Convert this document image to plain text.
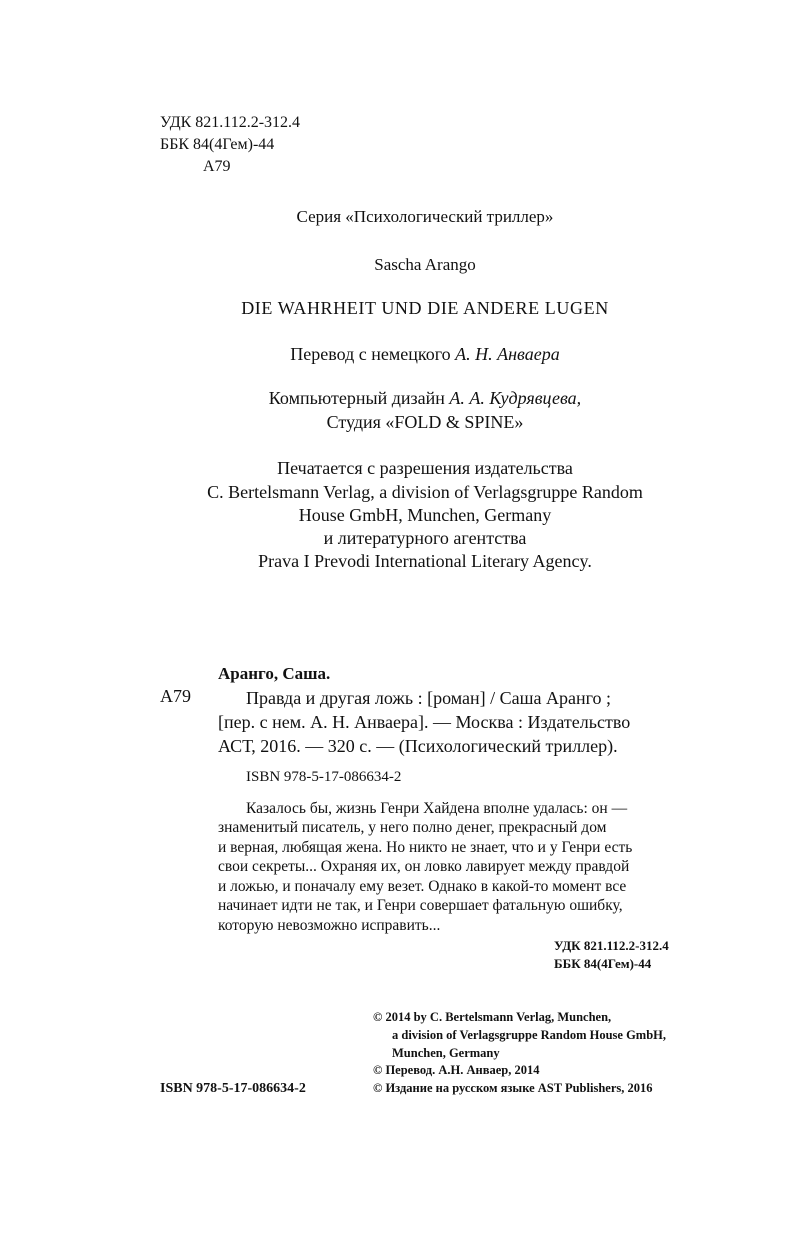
УДК 821.112.2-312.4
ББК 84(4Гем)-44
А79
Серия «Психологический триллер»
Sascha Arango
DIE WAHRHEIT UND DIE ANDERE LUGEN
Перевод с немецкого А. Н. Анваера
Компьютерный дизайн А. А. Кудрявцева,
Студия «FOLD & SPINE»
Печатается с разрешения издательства
C. Bertelsmann Verlag, a division of Verlagsgruppe Random
House GmbH, Munchen, Germany
и литературного агентства
Prava I Prevodi International Literary Agency.
Аранго, Саша.
А79	Правда и другая ложь : [роман] / Саша Аранго ;
[пер. с нем. А. Н. Анваера]. — Москва : Издательство
АСТ, 2016. — 320 с. — (Психологический триллер).
ISBN 978-5-17-086634-2
Казалось бы, жизнь Генри Хайдена вполне удалась: он —
знаменитый писатель, у него полно денег, прекрасный дом
и верная, любящая жена. Но никто не знает, что и у Генри есть
свои секреты... Охраняя их, он ловко лавирует между правдой
и ложью, и поначалу ему везет. Однако в какой-то момент все
начинает идти не так, и Генри совершает фатальную ошибку,
которую невозможно исправить...
УДК 821.112.2-312.4
ББК 84(4Гем)-44
© 2014 by C. Bertelsmann Verlag, Munchen,
a division of Verlagsgruppe Random House GmbH,
Munchen, Germany
© Перевод. А.Н. Анваер, 2014
ISBN 978-5-17-086634-2	© Издание на русском языке AST Publishers, 2016
